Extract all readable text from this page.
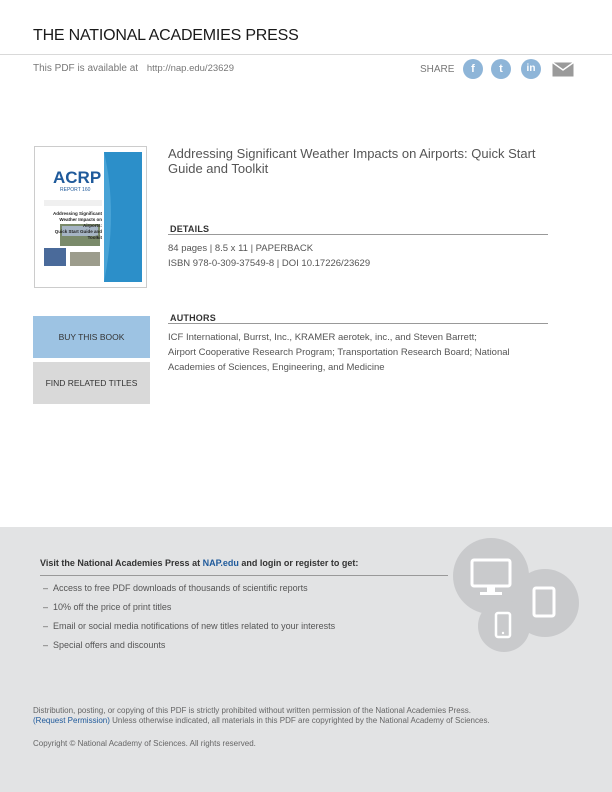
THE NATIONAL ACADEMIES PRESS
This PDF is available at http://nap.edu/23629	SHARE	f	t	in
ACRP
REPORT 160
Addressing Significant
Weather Impacts on Airports:
Quick Start Guide and Toolkit
Addressing Significant Weather Impacts on Airports: Quick Start Guide and Toolkit
DETAILS
84 pages | 8.5 x 11 | PAPERBACK
ISBN 978-0-309-37549-8 | DOI 10.17226/23629
AUTHORS
ICF International, Burrst, Inc., KRAMER aerotek, inc., and Steven Barrett;
Airport Cooperative Research Program; Transportation Research Board; National
Academies of Sciences, Engineering, and Medicine
BUY THIS BOOK
FIND RELATED TITLES
Visit the National Academies Press at NAP.edu and login or register to get:
–  Access to free PDF downloads of thousands of scientific reports
–  10% off the price of print titles
–  Email or social media notifications of new titles related to your interests
–  Special offers and discounts
Distribution, posting, or copying of this PDF is strictly prohibited without written permission of the National Academies Press.
(Request Permission) Unless otherwise indicated, all materials in this PDF are copyrighted by the National Academy of Sciences.
Copyright © National Academy of Sciences. All rights reserved.
